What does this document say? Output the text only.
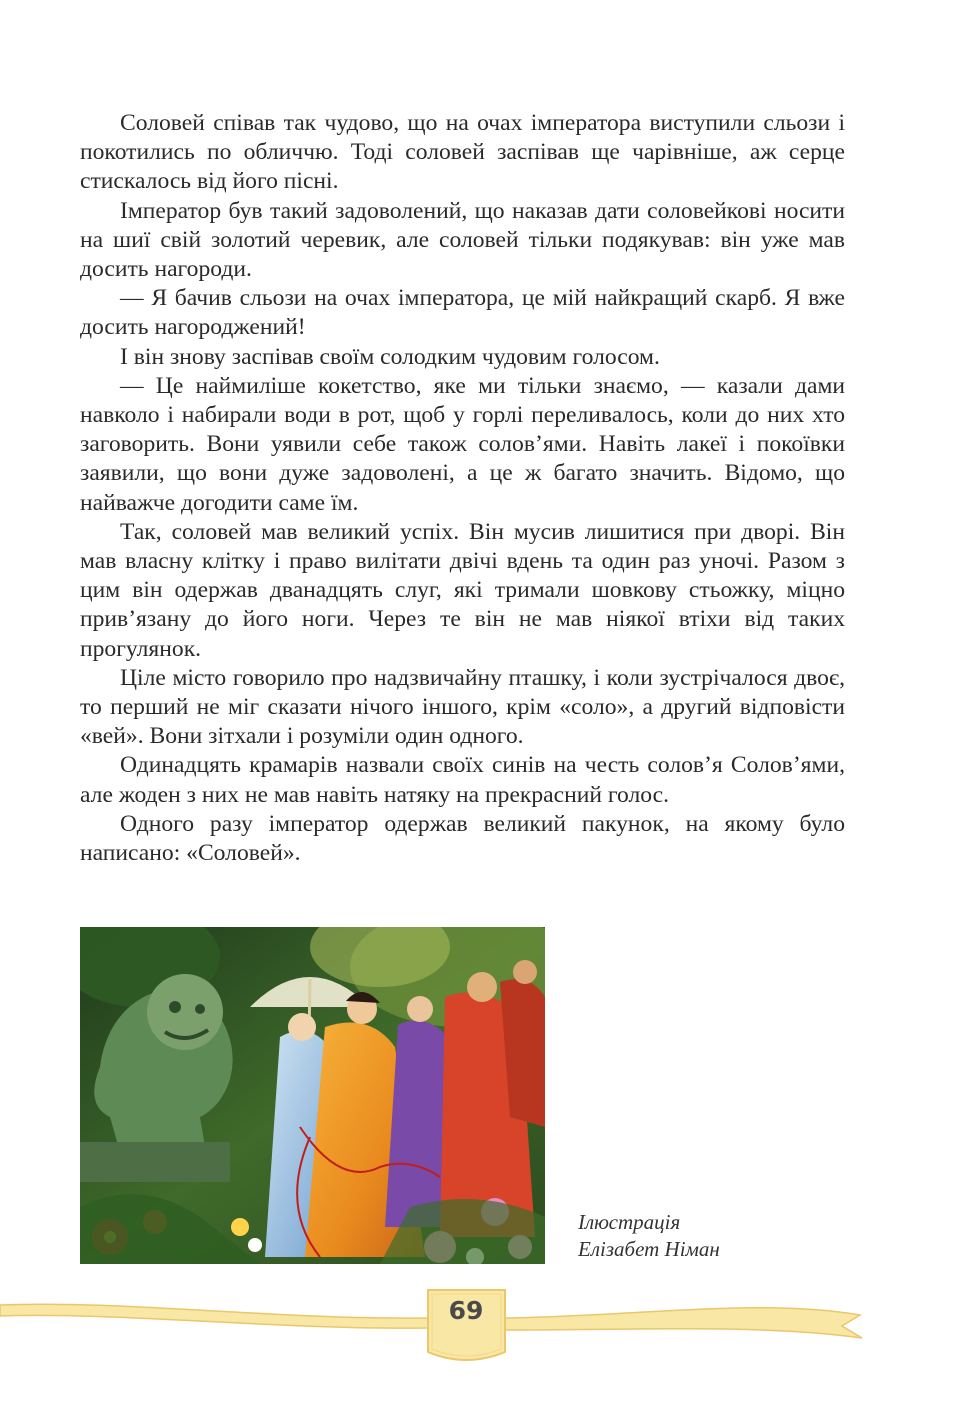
Соловей співав так чудово, що на очах імператора виступили сльози і покотились по обличчю. Тоді соловей заспівав ще чарівніше, аж серце стискалось від його пісні.

Імператор був такий задоволений, що наказав дати соловейкові носити на шиї свій золотий черевик, але соловей тільки подякував: він уже мав досить нагороди.

— Я бачив сльози на очах імператора, це мій найкращий скарб. Я вже досить нагороджений!

І він знову заспівав своїм солодким чудовим голосом.

— Це наймиліше кокетство, яке ми тільки знаємо, — казали дами навколо і набирали води в рот, щоб у горлі переливалось, коли до них хто заговорить. Вони уявили себе також солов’ями. Навіть лакеї і покоївки заявили, що вони дуже задоволені, а це ж багато значить. Відомо, що найважче догодити саме їм.

Так, соловей мав великий успіх. Він мусив лишитися при дворі. Він мав власну клітку і право вилітати двічі вдень та один раз уночі. Разом з цим він одержав дванадцять слуг, які тримали шовкову стьожку, міцно прив’язану до його ноги. Через те він не мав ніякої втіхи від таких прогулянок.

Ціле місто говорило про надзвичайну пташку, і коли зустрічалося двоє, то перший не міг сказати нічого іншого, крім «соло», а другий відповісти «вей». Вони зітхали і розуміли один одного.

Одинадцять крамарів назвали своїх синів на честь солов’я Солов’ями, але жоден з них не мав навіть натяку на прекрасний голос.

Одного разу імператор одержав великий пакунок, на якому було написано: «Соловей».

Ілюстрація
Елізабет Німан
69
